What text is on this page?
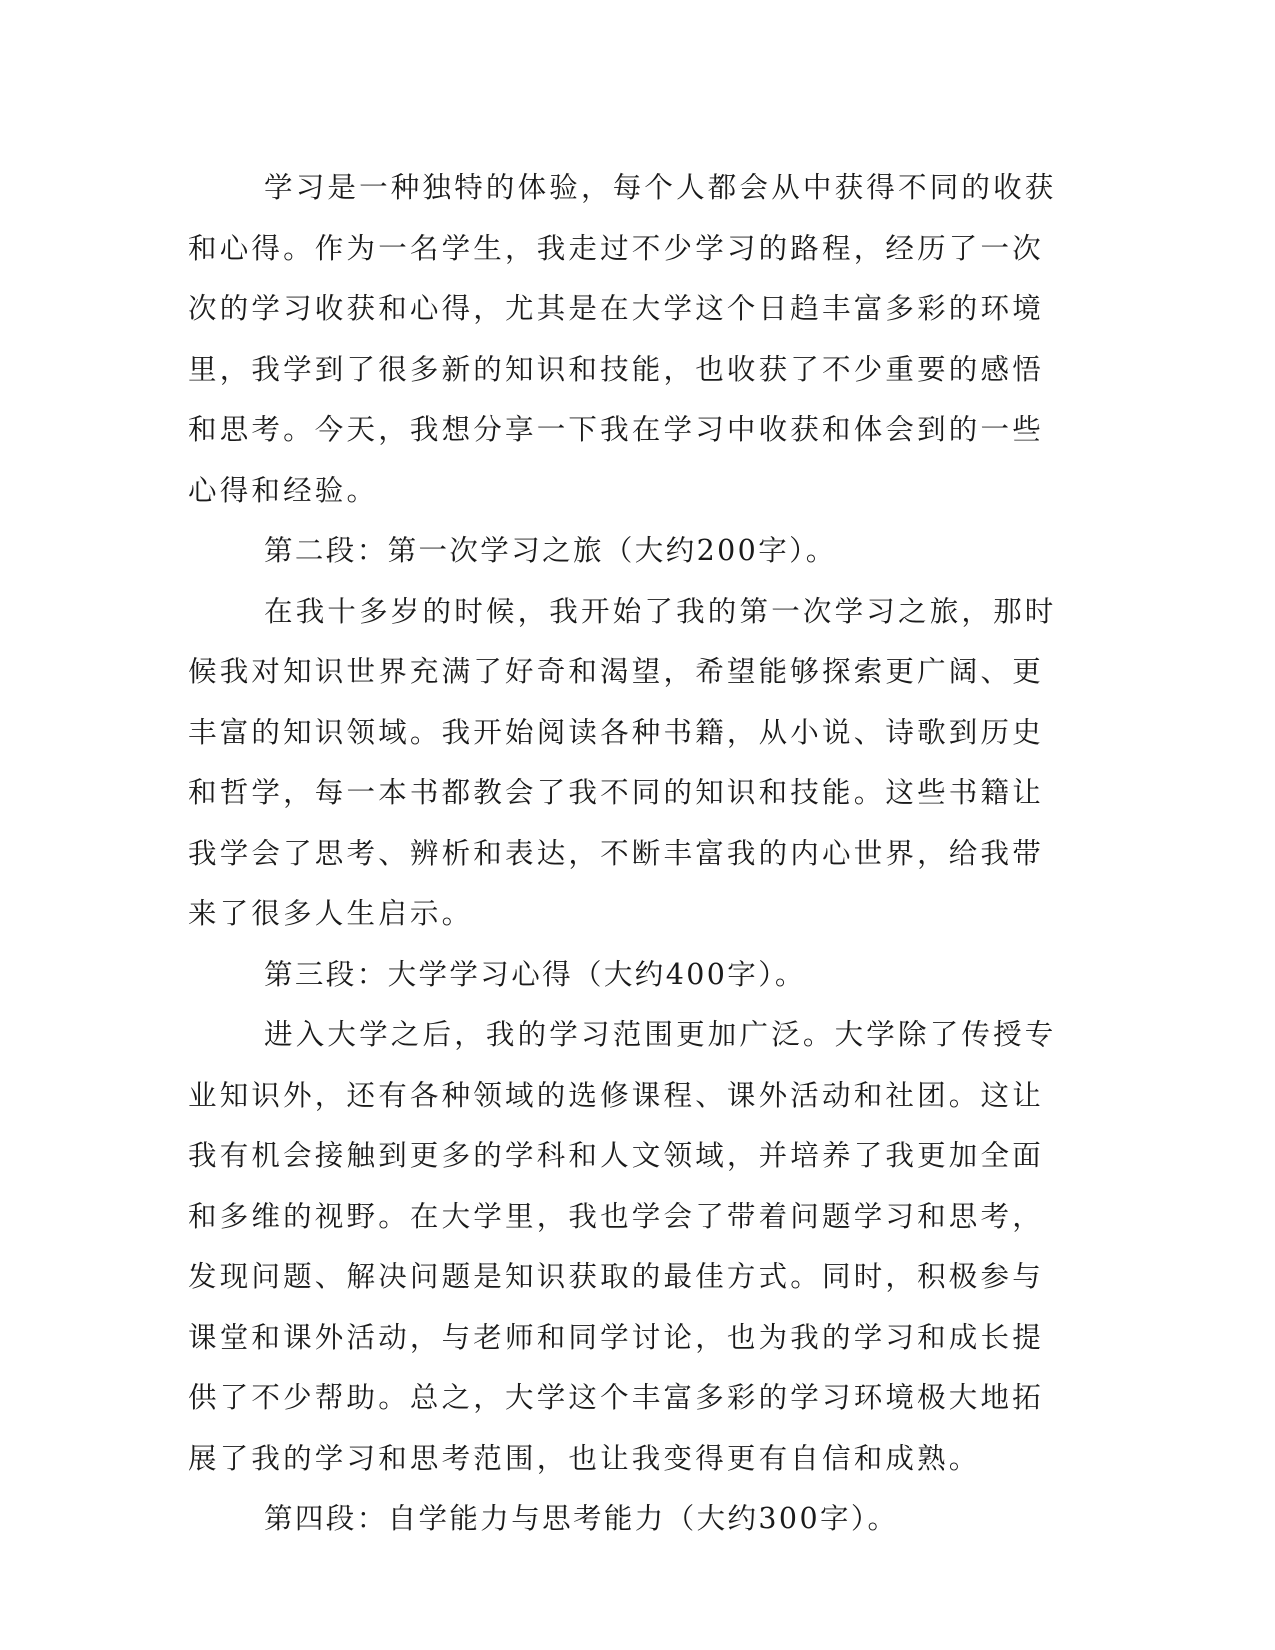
学习是一种独特的体验，每个人都会从中获得不同的收获和心得。作为一名学生，我走过不少学习的路程，经历了一次次的学习收获和心得，尤其是在大学这个日趋丰富多彩的环境里，我学到了很多新的知识和技能，也收获了不少重要的感悟和思考。今天，我想分享一下我在学习中收获和体会到的一些心得和经验。

第二段：第一次学习之旅（大约200字）。

在我十多岁的时候，我开始了我的第一次学习之旅，那时候我对知识世界充满了好奇和渴望，希望能够探索更广阔、更丰富的知识领域。我开始阅读各种书籍，从小说、诗歌到历史和哲学，每一本书都教会了我不同的知识和技能。这些书籍让我学会了思考、辨析和表达，不断丰富我的内心世界，给我带来了很多人生启示。

第三段：大学学习心得（大约400字）。

进入大学之后，我的学习范围更加广泛。大学除了传授专业知识外，还有各种领域的选修课程、课外活动和社团。这让我有机会接触到更多的学科和人文领域，并培养了我更加全面和多维的视野。在大学里，我也学会了带着问题学习和思考，发现问题、解决问题是知识获取的最佳方式。同时，积极参与课堂和课外活动，与老师和同学讨论，也为我的学习和成长提供了不少帮助。总之，大学这个丰富多彩的学习环境极大地拓展了我的学习和思考范围，也让我变得更有自信和成熟。

第四段：自学能力与思考能力（大约300字）。
